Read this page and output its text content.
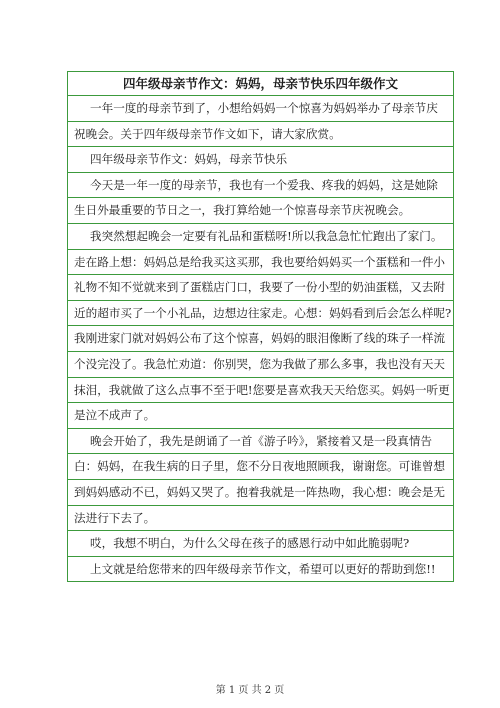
四年级母亲节作文：妈妈，母亲节快乐四年级作文
一年一度的母亲节到了，小想给妈妈一个惊喜为妈妈举办了母亲节庆
祝晚会。关于四年级母亲节作文如下，请大家欣赏。
四年级母亲节作文：妈妈，母亲节快乐
今天是一年一度的母亲节，我也有一个爱我、疼我的妈妈，这是她除
生日外最重要的节日之一，我打算给她一个惊喜母亲节庆祝晚会。
我突然想起晚会一定要有礼品和蛋糕呀!所以我急急忙忙跑出了家门。
走在路上想：妈妈总是给我买这买那，我也要给妈妈买一个蛋糕和一件小
礼物不知不觉就来到了蛋糕店门口，我要了一份小型的奶油蛋糕，又去附
近的超市买了一个小礼品，边想边往家走。心想：妈妈看到后会怎么样呢?
我刚进家门就对妈妈公布了这个惊喜，妈妈的眼泪像断了线的珠子一样流
个没完没了。我急忙劝道：你别哭，您为我做了那么多事，我也没有天天
抹泪，我就做了这么点事不至于吧!您要是喜欢我天天给您买。妈妈一听更
是泣不成声了。
晚会开始了，我先是朗诵了一首《游子吟》，紧接着又是一段真情告
白：妈妈，在我生病的日子里，您不分日夜地照顾我，谢谢您。可谁曾想
到妈妈感动不已，妈妈又哭了。抱着我就是一阵热吻，我心想：晚会是无
法进行下去了。
哎，我想不明白，为什么父母在孩子的感恩行动中如此脆弱呢?
上文就是给您带来的四年级母亲节作文，希望可以更好的帮助到您!!
第 1 页 共 2 页
